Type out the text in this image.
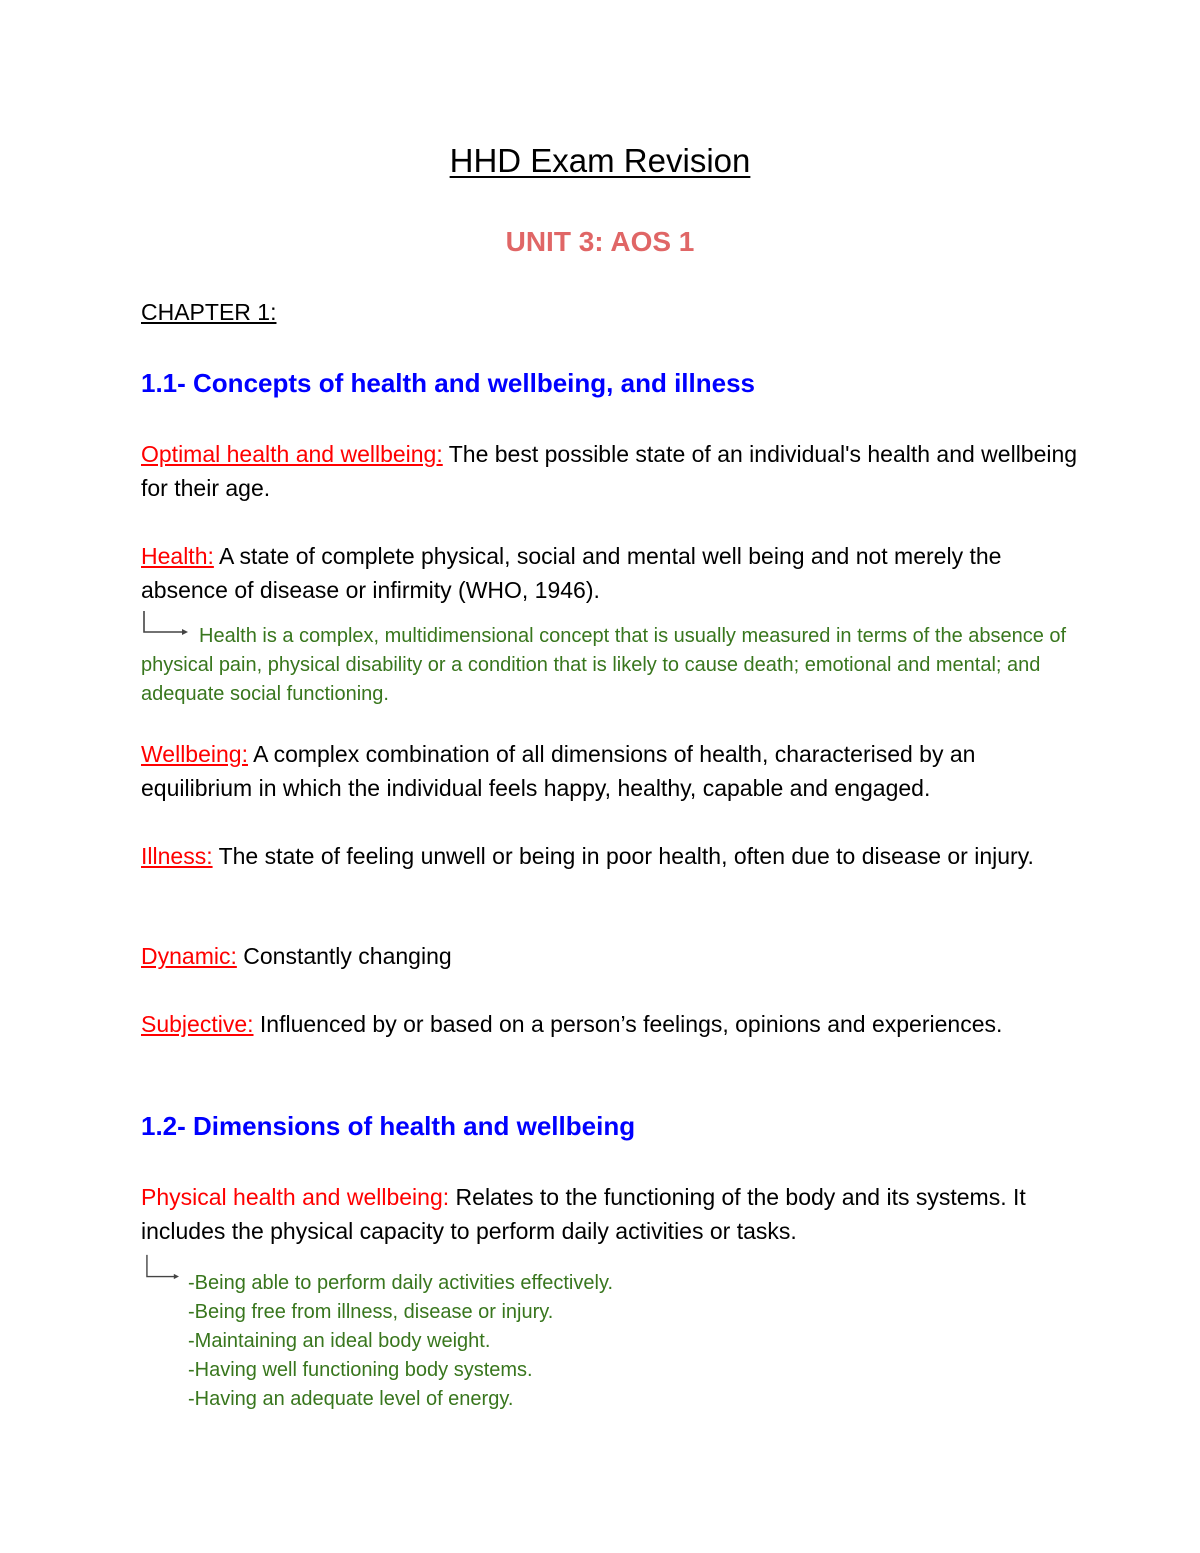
HHD Exam Revision
UNIT 3: AOS 1
CHAPTER 1:
1.1- Concepts of health and wellbeing, and illness
Optimal health and wellbeing: The best possible state of an individual's health and wellbeing for their age.
Health: A state of complete physical, social and mental well being and not merely the absence of disease or infirmity (WHO, 1946).
Health is a complex, multidimensional concept that is usually measured in terms of the absence of physical pain, physical disability or a condition that is likely to cause death; emotional and mental; and adequate social functioning.
Wellbeing: A complex combination of all dimensions of health, characterised by an equilibrium in which the individual feels happy, healthy, capable and engaged.
Illness: The state of feeling unwell or being in poor health, often due to disease or injury.
Dynamic: Constantly changing
Subjective: Influenced by or based on a person’s feelings, opinions and experiences.
1.2- Dimensions of health and wellbeing
Physical health and wellbeing: Relates to the functioning of the body and its systems. It includes the physical capacity to perform daily activities or tasks.
-Being able to perform daily activities effectively.
-Being free from illness, disease or injury.
-Maintaining an ideal body weight.
-Having well functioning body systems.
-Having an adequate level of energy.
